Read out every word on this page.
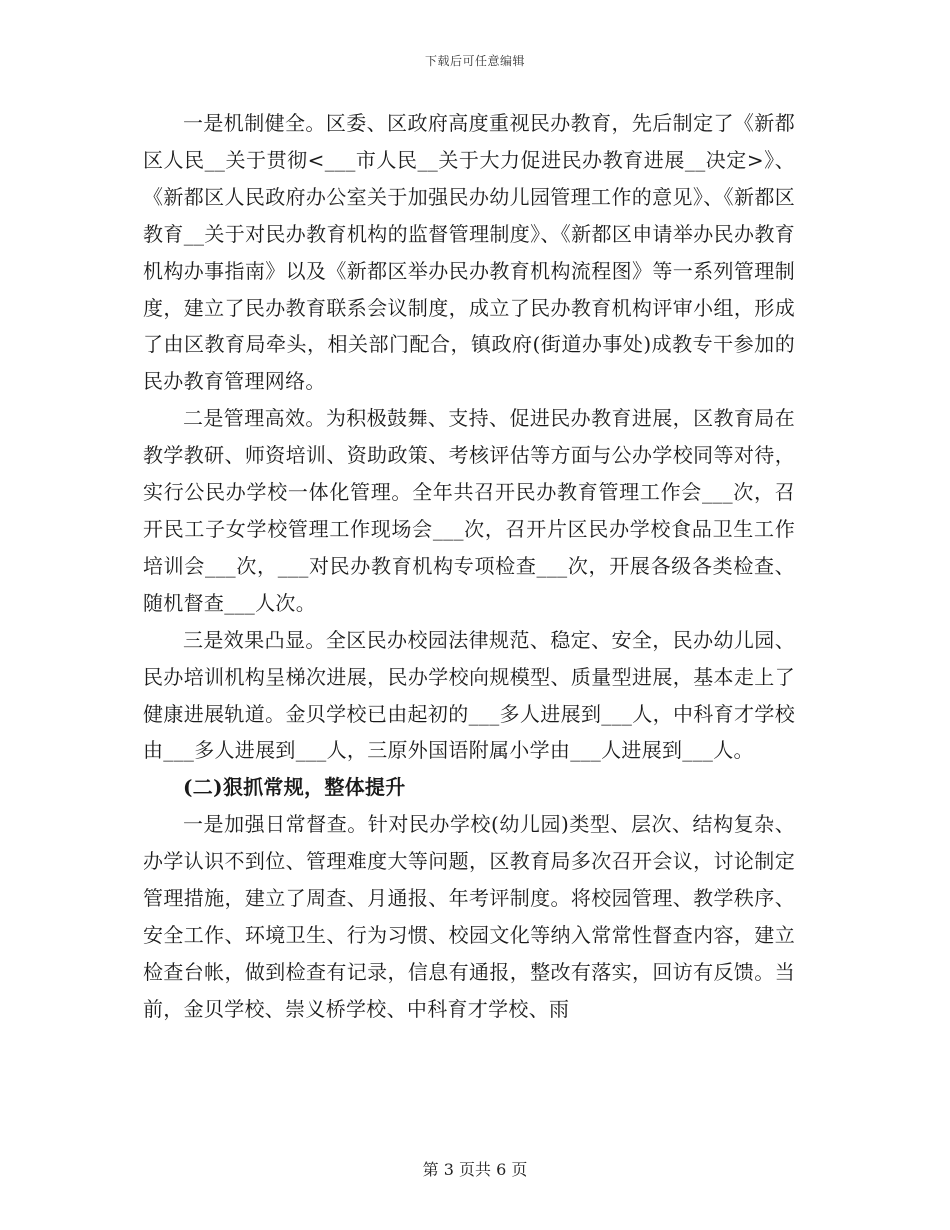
下载后可任意编辑

一是机制健全。区委、区政府高度重视民办教育，先后制定了《新都区人民__关于贯彻<___市人民__关于大力促进民办教育进展__决定>》、《新都区人民政府办公室关于加强民办幼儿园管理工作的意见》、《新都区教育__关于对民办教育机构的监督管理制度》、《新都区申请举办民办教育机构办事指南》以及《新都区举办民办教育机构流程图》等一系列管理制度，建立了民办教育联系会议制度，成立了民办教育机构评审小组，形成了由区教育局牵头，相关部门配合，镇政府(街道办事处)成教专干参加的民办教育管理网络。

二是管理高效。为积极鼓舞、支持、促进民办教育进展，区教育局在教学教研、师资培训、资助政策、考核评估等方面与公办学校同等对待，实行公民办学校一体化管理。全年共召开民办教育管理工作会___次，召开民工子女学校管理工作现场会___次，召开片区民办学校食品卫生工作培训会___次，___对民办教育机构专项检查___次，开展各级各类检查、随机督查___人次。

三是效果凸显。全区民办校园法律规范、稳定、安全，民办幼儿园、民办培训机构呈梯次进展，民办学校向规模型、质量型进展，基本走上了健康进展轨道。金贝学校已由起初的___多人进展到___人，中科育才学校由___多人进展到___人，三原外国语附属小学由___人进展到___人。

(二)狠抓常规，整体提升

一是加强日常督查。针对民办学校(幼儿园)类型、层次、结构复杂、办学认识不到位、管理难度大等问题，区教育局多次召开会议，讨论制定管理措施，建立了周查、月通报、年考评制度。将校园管理、教学秩序、安全工作、环境卫生、行为习惯、校园文化等纳入常常性督查内容，建立检查台帐，做到检查有记录，信息有通报，整改有落实，回访有反馈。当前，金贝学校、崇义桥学校、中科育才学校、雨

第 3 页共 6 页
